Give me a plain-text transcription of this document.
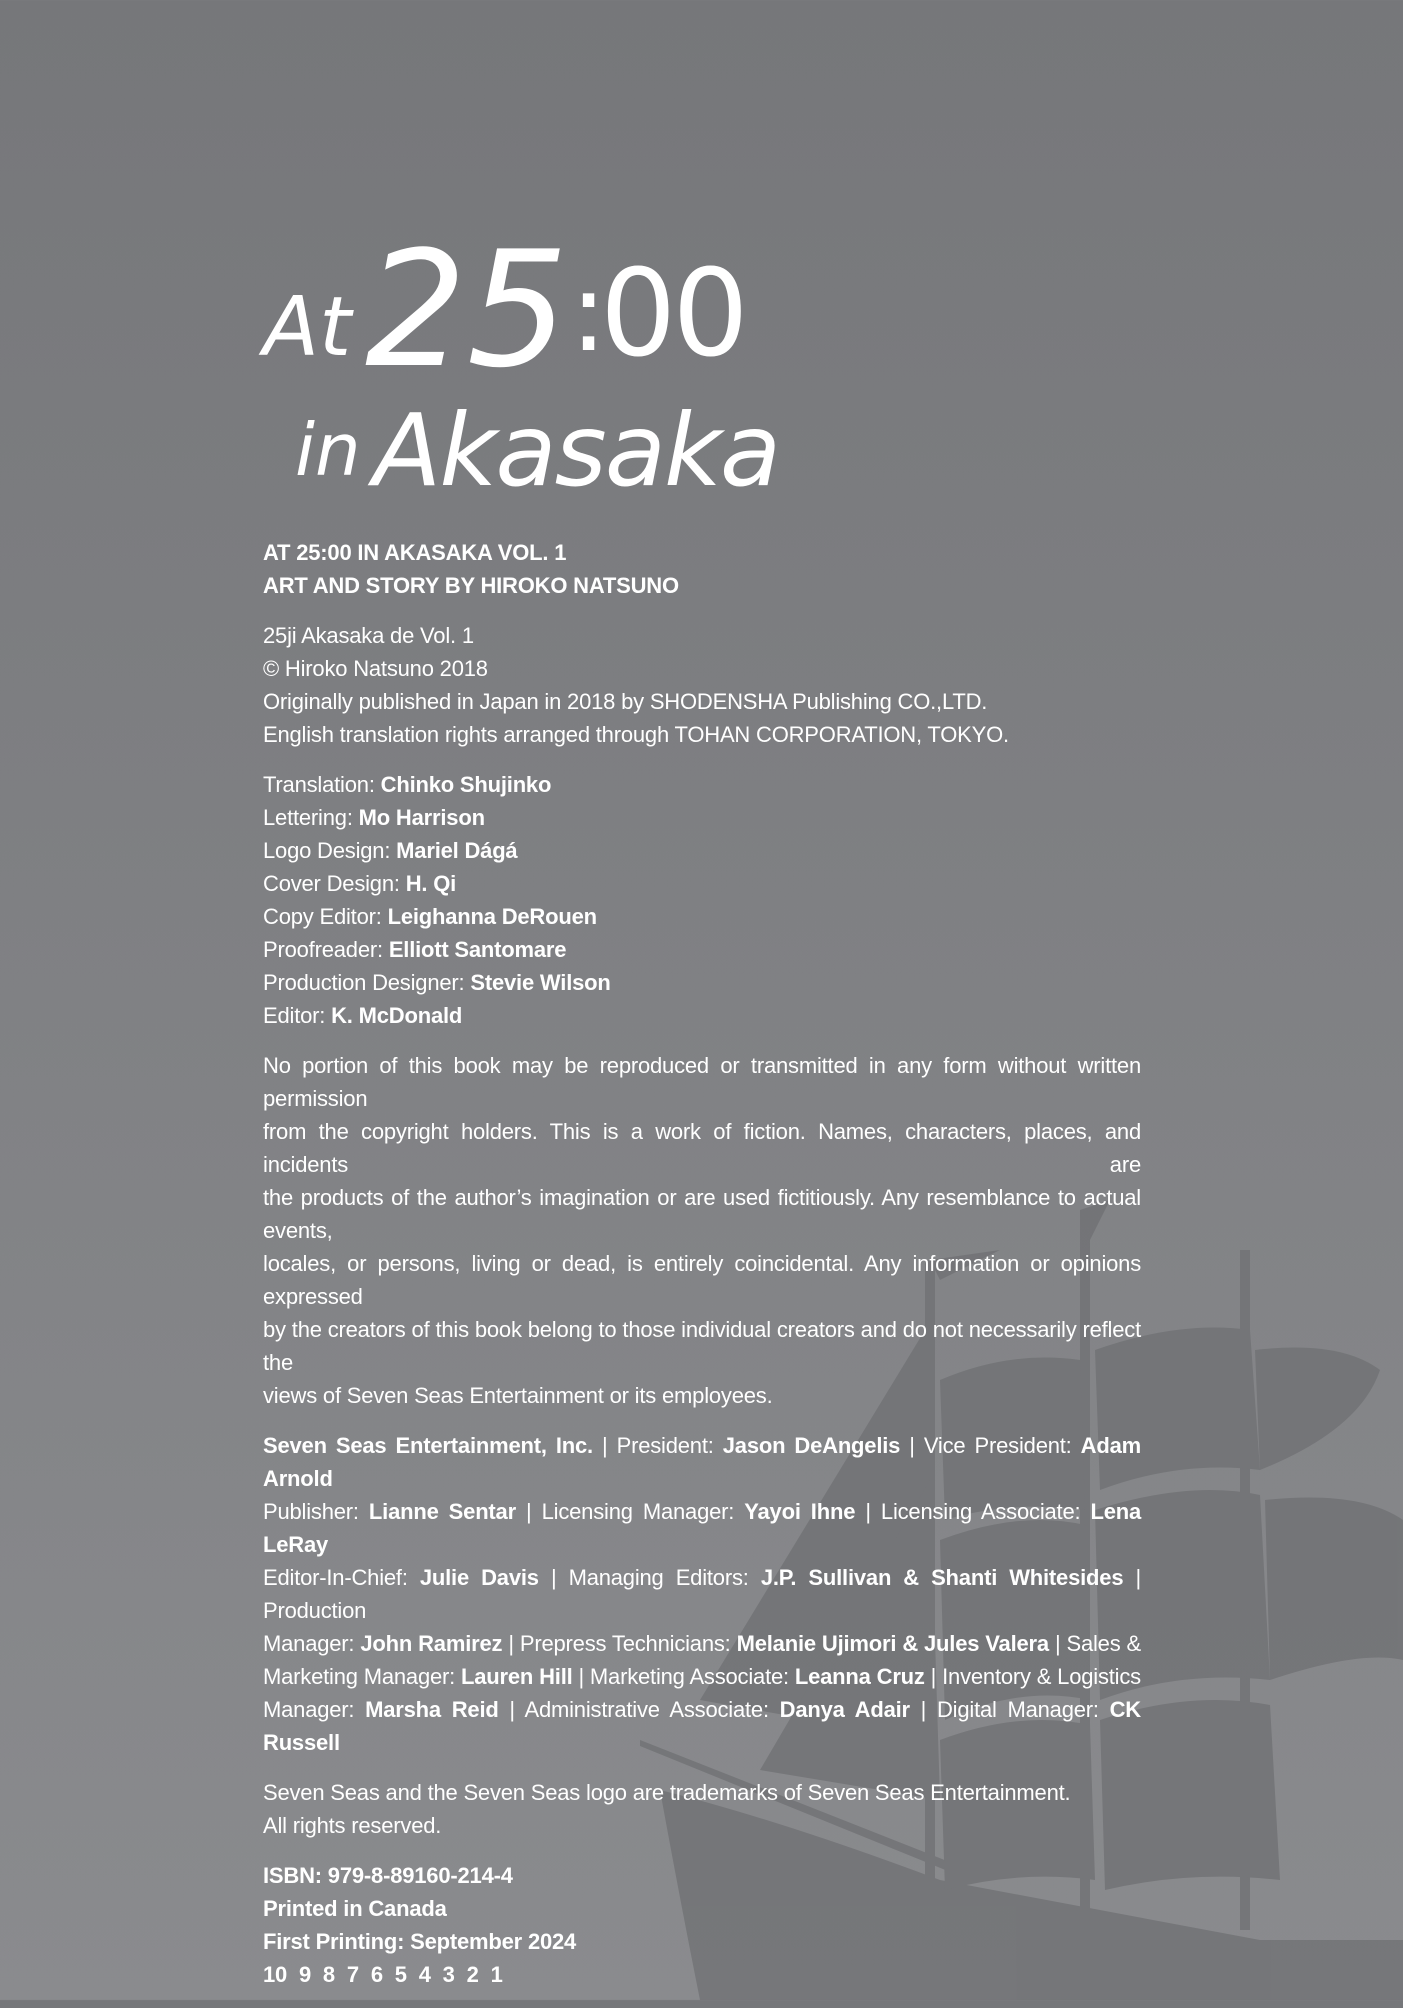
At 25 :
00
in Akasaka
AT 25:00 IN AKASAKA VOL. 1
ART AND STORY BY HIROKO NATSUNO
25ji Akasaka de Vol. 1
© Hiroko Natsuno 2018
Originally published in Japan in 2018 by SHODENSHA Publishing CO.,LTD.
English translation rights arranged through TOHAN CORPORATION, TOKYO.
Translation: Chinko Shujinko
Lettering: Mo Harrison
Logo Design: Mariel Dágá
Cover Design: H. Qi
Copy Editor: Leighanna DeRouen
Proofreader: Elliott Santomare
Production Designer: Stevie Wilson
Editor: K. McDonald
No portion of this book may be reproduced or transmitted in any form without written permission
from the copyright holders. This is a work of fiction. Names, characters, places, and incidents are
the products of the author’s imagination or are used fictitiously. Any resemblance to actual events,
locales, or persons, living or dead, is entirely coincidental. Any information or opinions expressed
by the creators of this book belong to those individual creators and do not necessarily reflect the
views of Seven Seas Entertainment or its employees.
Seven Seas Entertainment, Inc. | President: Jason DeAngelis | Vice President: Adam Arnold
Publisher: Lianne Sentar | Licensing Manager: Yayoi Ihne | Licensing Associate: Lena LeRay
Editor-In-Chief: Julie Davis | Managing Editors: J.P. Sullivan & Shanti Whitesides | Production
Manager: John Ramirez | Prepress Technicians: Melanie Ujimori & Jules Valera | Sales &
Marketing Manager: Lauren Hill | Marketing Associate: Leanna Cruz | Inventory & Logistics
Manager: Marsha Reid | Administrative Associate: Danya Adair | Digital Manager: CK Russell
Seven Seas and the Seven Seas logo are trademarks of Seven Seas Entertainment.
All rights reserved.
ISBN: 979-8-89160-214-4
Printed in Canada
First Printing: September 2024
10 9 8 7 6 5 4 3 2 1
